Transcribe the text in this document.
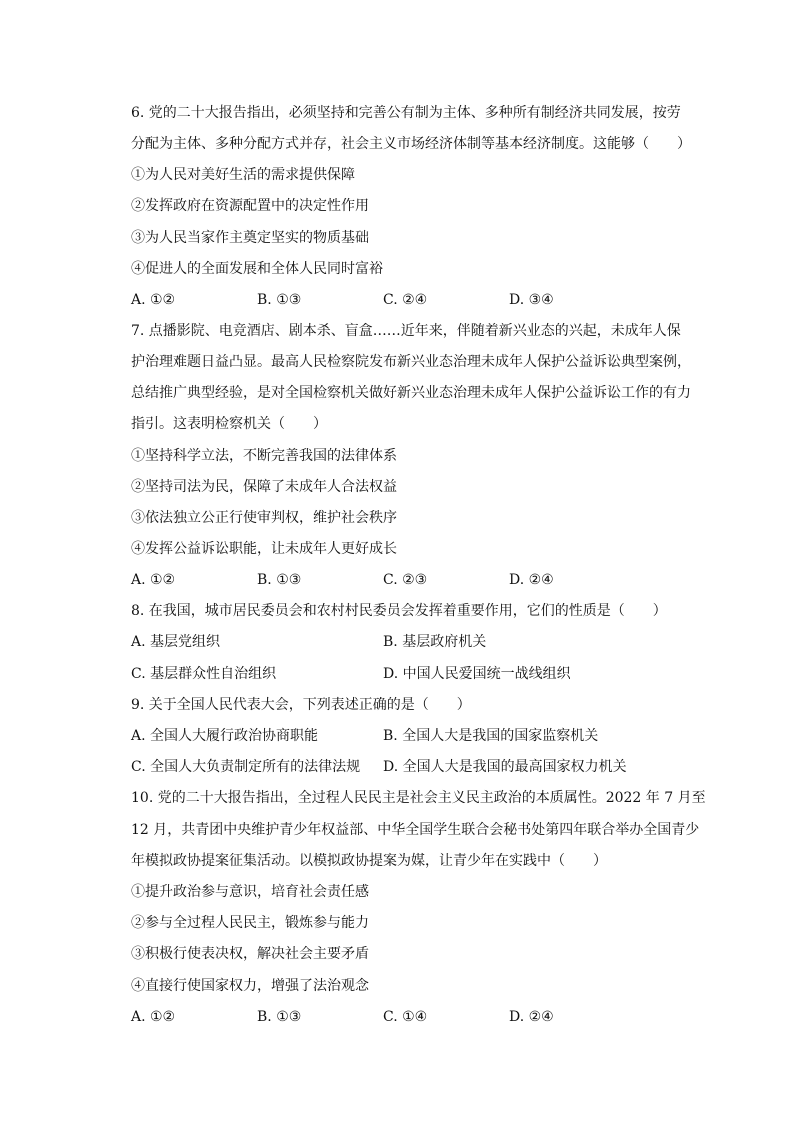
6. 党的二十大报告指出，必须坚持和完善公有制为主体、多种所有制经济共同发展，按劳
分配为主体、多种分配方式并存，社会主义市场经济体制等基本经济制度。这能够（　　）
①为人民对美好生活的需求提供保障
②发挥政府在资源配置中的决定性作用
③为人民当家作主奠定坚实的物质基础
④促进人的全面发展和全体人民同时富裕
A. ①②	B. ①③	C. ②④	D. ③④
7. 点播影院、电竞酒店、剧本杀、盲盒……近年来，伴随着新兴业态的兴起，未成年人保
护治理难题日益凸显。最高人民检察院发布新兴业态治理未成年人保护公益诉讼典型案例，
总结推广典型经验，是对全国检察机关做好新兴业态治理未成年人保护公益诉讼工作的有力
指引。这表明检察机关（　　）
①坚持科学立法，不断完善我国的法律体系
②坚持司法为民，保障了未成年人合法权益
③依法独立公正行使审判权，维护社会秩序
④发挥公益诉讼职能，让未成年人更好成长
A. ①②	B. ①③	C. ②③	D. ②④
8. 在我国，城市居民委员会和农村村民委员会发挥着重要作用，它们的性质是（　　）
A. 基层党组织	B. 基层政府机关
C. 基层群众性自治组织	D. 中国人民爱国统一战线组织
9. 关于全国人民代表大会，下列表述正确的是（　　）
A. 全国人大履行政治协商职能	B. 全国人大是我国的国家监察机关
C. 全国人大负责制定所有的法律法规 D. 全国人大是我国的最高国家权力机关
10. 党的二十大报告指出，全过程人民民主是社会主义民主政治的本质属性。2022 年 7 月至
12 月，共青团中央维护青少年权益部、中华全国学生联合会秘书处第四年联合举办全国青少
年模拟政协提案征集活动。以模拟政协提案为媒，让青少年在实践中（　　）
①提升政治参与意识，培育社会责任感
②参与全过程人民民主，锻炼参与能力
③积极行使表决权，解决社会主要矛盾
④直接行使国家权力，增强了法治观念
A. ①②	B. ①③	C. ①④	D. ②④
